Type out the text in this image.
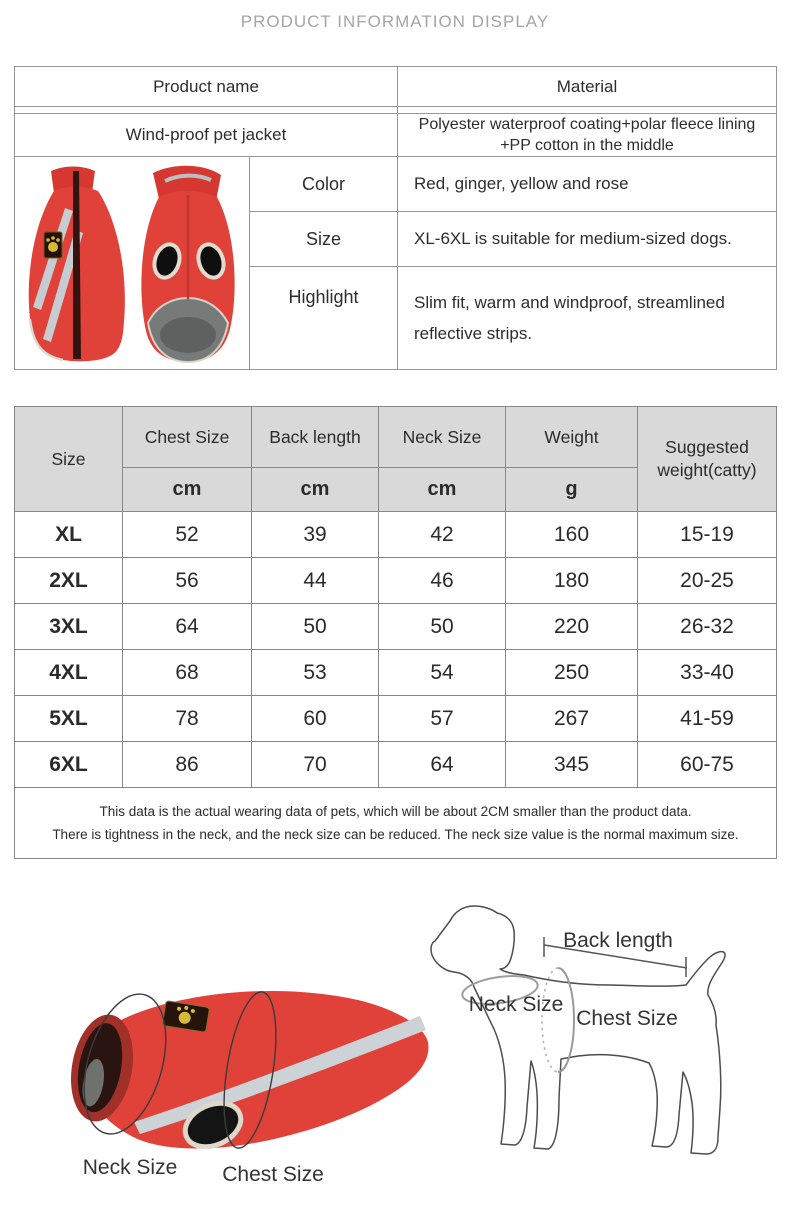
PRODUCT INFORMATION DISPLAY
Product name		Material

Wind-proof pet jacket		Polyester waterproof coating+polar fleece lining +PP cotton in the middle

	Color	Red, ginger, yellow and rose
	Size	XL-6XL is suitable for medium-sized dogs.
	Highlight	Slim fit, warm and windproof, streamlined reflective strips.
Size	Chest Size	Back length	Neck Size	Weight	Suggested weight(catty)
	cm	cm	cm	g	
XL	52	39	42	160	15-19
2XL	56	44	46	180	20-25
3XL	64	50	50	220	26-32
4XL	68	53	54	250	33-40
5XL	78	60	57	267	41-59
6XL	86	70	64	345	60-75

This data is the actual wearing data of pets, which will be about 2CM smaller than the product data.
There is tightness in the neck, and the neck size can be reduced. The neck size value is the normal maximum size.					
Neck Size Chest Size
Back length
Neck Size
Chest Size
